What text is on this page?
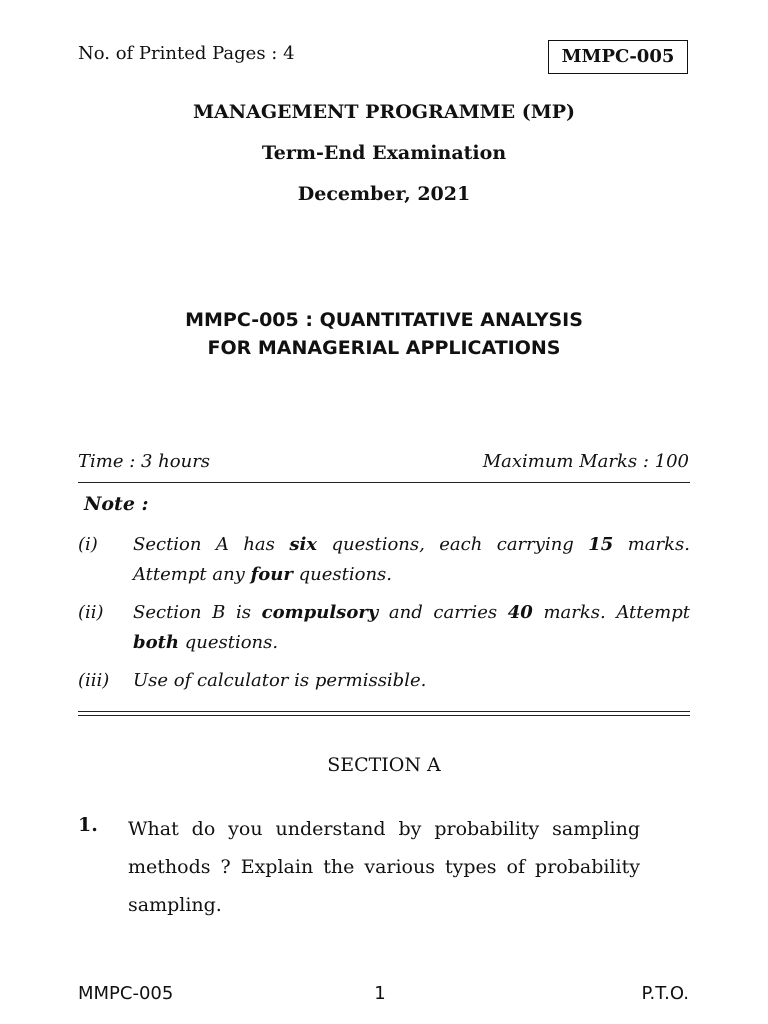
No. of Printed Pages : 4	MMPC-005
MANAGEMENT PROGRAMME (MP)
Term-End Examination
December, 2021
MMPC-005 : QUANTITATIVE ANALYSIS
FOR MANAGERIAL APPLICATIONS
Time : 3 hours	Maximum Marks : 100
Note :
(i) Section A has six questions, each carrying 15 marks. Attempt any four questions.
(ii) Section B is compulsory and carries 40 marks. Attempt both questions.
(iii) Use of calculator is permissible.
SECTION A
1. What do you understand by probability sampling methods ? Explain the various types of probability sampling.
MMPC-005	1	P.T.O.
